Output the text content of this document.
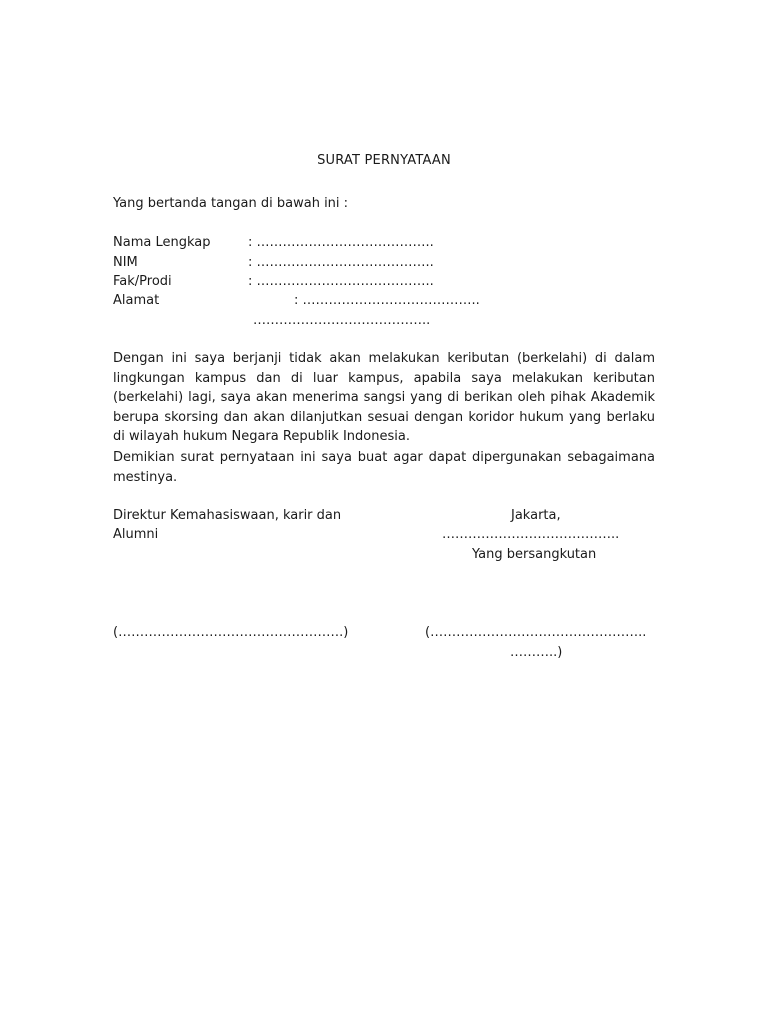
SURAT PERNYATAAN
Yang bertanda tangan di bawah ini :
Nama Lengkap	: …………………………………..
NIM	: …………………………………..
Fak/Prodi	: …………………………………..
Alamat	: …………………………………..
…………………………………..
Dengan ini saya berjanji tidak akan melakukan keributan (berkelahi) di dalam lingkungan kampus dan di luar kampus, apabila saya melakukan keributan (berkelahi) lagi, saya akan menerima sangsi yang di berikan oleh pihak Akademik berupa skorsing dan akan dilanjutkan sesuai dengan koridor hukum yang berlaku di wilayah hukum Negara Republik Indonesia.
Demikian surat pernyataan ini saya buat agar dapat dipergunakan sebagaimana mestinya.
Direktur Kemahasiswaan, karir dan
Alumni
Jakarta,
…………………………………..
Yang bersangkutan
(…………………………………………….)	(…………………………………………..
………..)
